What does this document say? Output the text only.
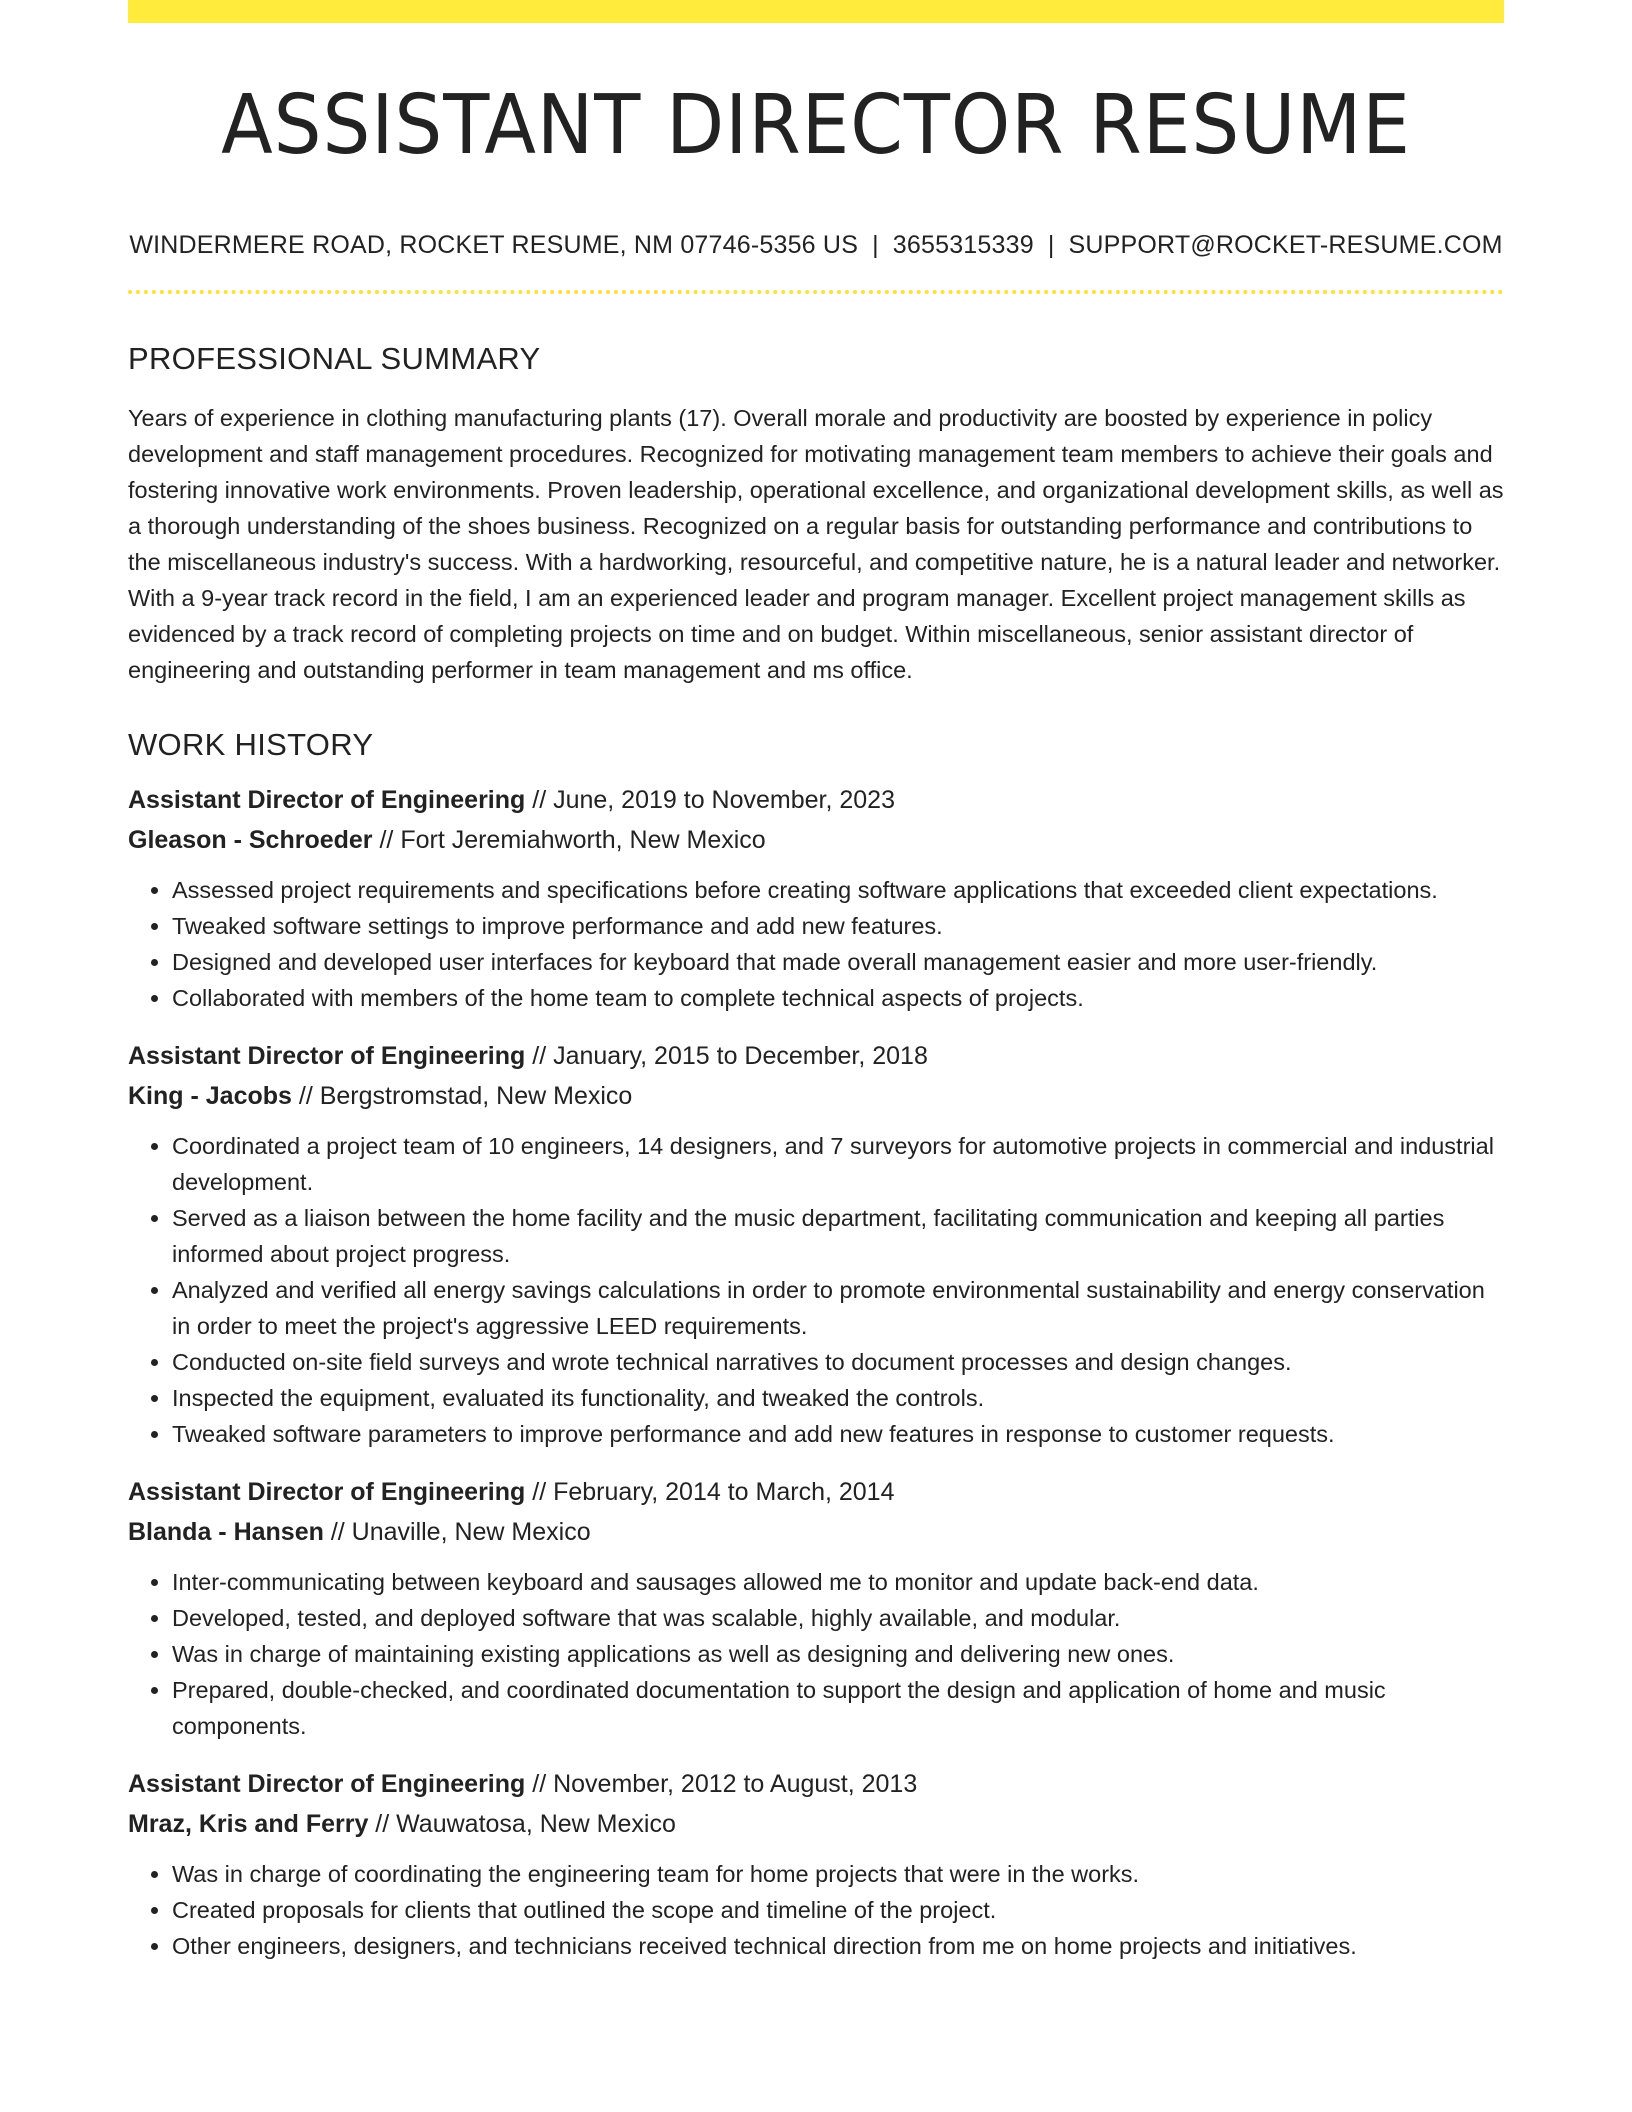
ASSISTANT DIRECTOR RESUME
WINDERMERE ROAD, ROCKET RESUME, NM 07746-5356 US | 3655315339 | SUPPORT@ROCKET-RESUME.COM
PROFESSIONAL SUMMARY

Years of experience in clothing manufacturing plants (17). Overall morale and productivity are boosted by experience in policy development and staff management procedures. Recognized for motivating management team members to achieve their goals and fostering innovative work environments. Proven leadership, operational excellence, and organizational development skills, as well as a thorough understanding of the shoes business. Recognized on a regular basis for outstanding performance and contributions to the miscellaneous industry's success. With a hardworking, resourceful, and competitive nature, he is a natural leader and networker. With a 9-year track record in the field, I am an experienced leader and program manager. Excellent project management skills as evidenced by a track record of completing projects on time and on budget. Within miscellaneous, senior assistant director of engineering and outstanding performer in team management and ms office.

WORK HISTORY
Assistant Director of Engineering // June, 2019 to November, 2023
Gleason - Schroeder // Fort Jeremiahworth, New Mexico
• Assessed project requirements and specifications before creating software applications that exceeded client expectations.
• Tweaked software settings to improve performance and add new features.
• Designed and developed user interfaces for keyboard that made overall management easier and more user-friendly.
• Collaborated with members of the home team to complete technical aspects of projects.
Assistant Director of Engineering // January, 2015 to December, 2018
King - Jacobs // Bergstromstad, New Mexico
• Coordinated a project team of 10 engineers, 14 designers, and 7 surveyors for automotive projects in commercial and industrial development.
• Served as a liaison between the home facility and the music department, facilitating communication and keeping all parties informed about project progress.
• Analyzed and verified all energy savings calculations in order to promote environmental sustainability and energy conservation in order to meet the project's aggressive LEED requirements.
• Conducted on-site field surveys and wrote technical narratives to document processes and design changes.
• Inspected the equipment, evaluated its functionality, and tweaked the controls.
• Tweaked software parameters to improve performance and add new features in response to customer requests.
Assistant Director of Engineering // February, 2014 to March, 2014
Blanda - Hansen // Unaville, New Mexico
• Inter-communicating between keyboard and sausages allowed me to monitor and update back-end data.
• Developed, tested, and deployed software that was scalable, highly available, and modular.
• Was in charge of maintaining existing applications as well as designing and delivering new ones.
• Prepared, double-checked, and coordinated documentation to support the design and application of home and music components.
Assistant Director of Engineering // November, 2012 to August, 2013
Mraz, Kris and Ferry // Wauwatosa, New Mexico
• Was in charge of coordinating the engineering team for home projects that were in the works.
• Created proposals for clients that outlined the scope and timeline of the project.
• Other engineers, designers, and technicians received technical direction from me on home projects and initiatives.
